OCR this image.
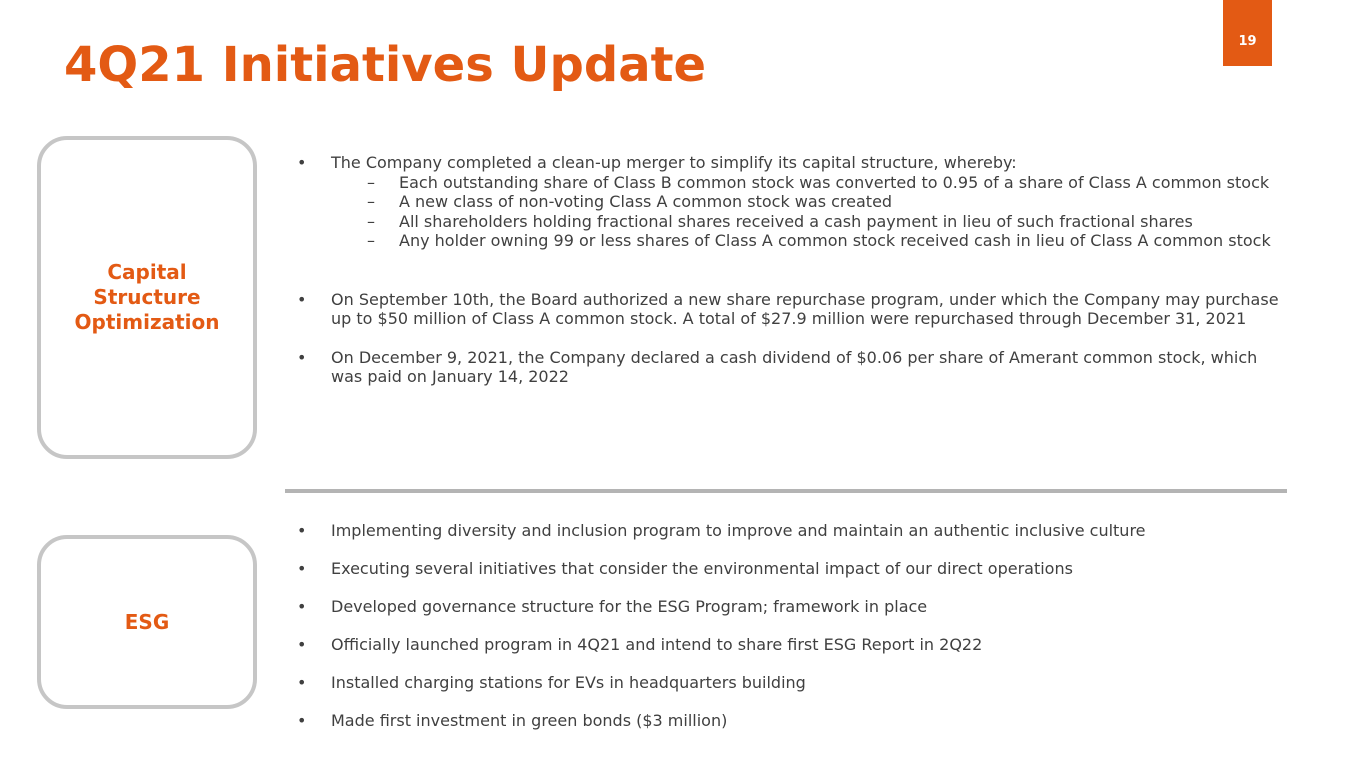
4Q21 Initiatives Update	19
Capital Structure Optimization
• The Company completed a clean-up merger to simplify its capital structure, whereby:
– Each outstanding share of Class B common stock was converted to 0.95 of a share of Class A common stock
– A new class of non-voting Class A common stock was created
– All shareholders holding fractional shares received a cash payment in lieu of such fractional shares
– Any holder owning 99 or less shares of Class A common stock received cash in lieu of Class A common stock
• On September 10th, the Board authorized a new share repurchase program, under which the Company may purchase up to $50 million of Class A common stock. A total of $27.9 million were repurchased through December 31, 2021
• On December 9, 2021, the Company declared a cash dividend of $0.06 per share of Amerant common stock, which was paid on January 14, 2022
ESG
• Implementing diversity and inclusion program to improve and maintain an authentic inclusive culture
• Executing several initiatives that consider the environmental impact of our direct operations
• Developed governance structure for the ESG Program; framework in place
• Officially launched program in 4Q21 and intend to share first ESG Report in 2Q22
• Installed charging stations for EVs in headquarters building
• Made first investment in green bonds ($3 million)
